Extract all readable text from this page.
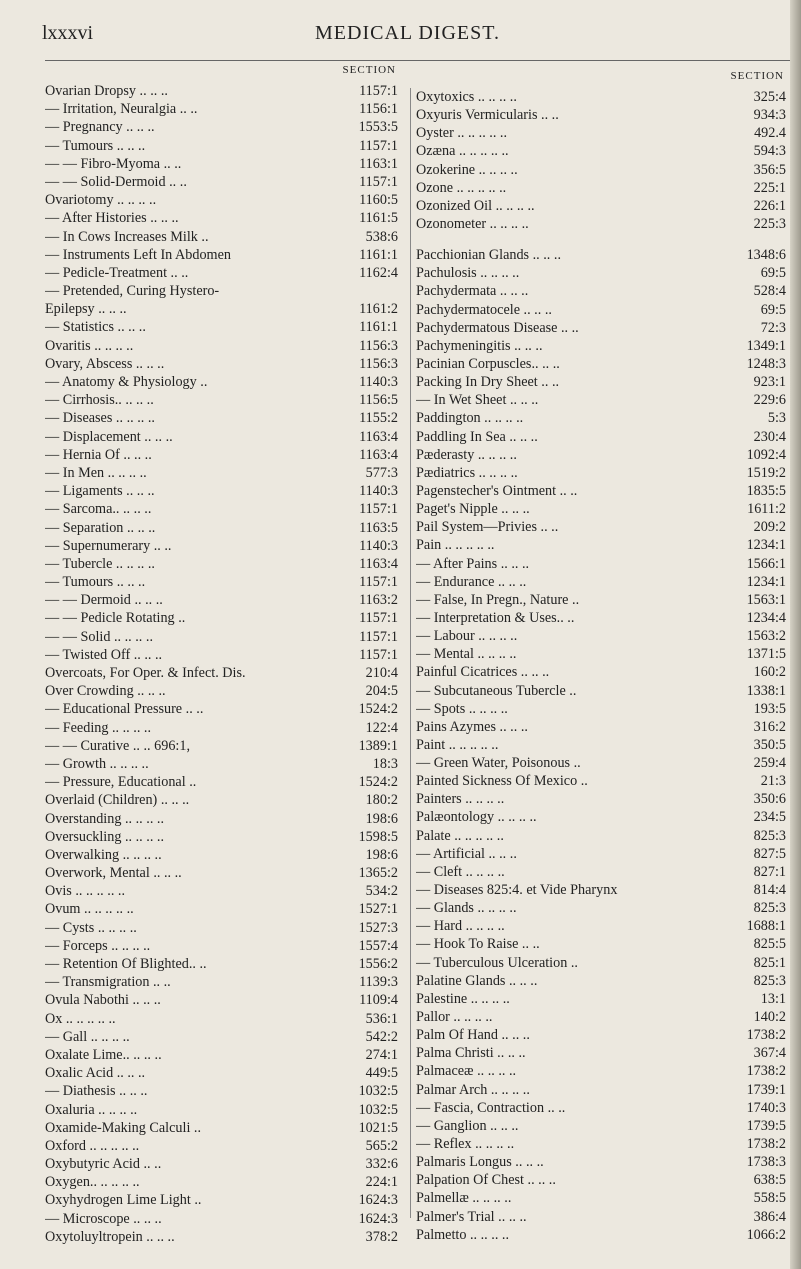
lxxxvi	MEDICAL DIGEST.
SECTION
Ovarian Dropsy .. .. ..	1157:1
— Irritation, Neuralgia .. ..	1156:1
— Pregnancy .. .. ..	1553:5
— Tumours .. .. ..	1157:1
— — Fibro-Myoma .. ..	1163:1
— — Solid-Dermoid .. ..	1157:1
Ovariotomy .. .. .. ..	1160:5
— After Histories .. .. ..	1161:5
— In Cows Increases Milk ..	538:6
— Instruments Left In Abdomen	1161:1
— Pedicle-Treatment .. ..	1162:4
— Pretended, Curing Hystero-
Epilepsy .. .. ..	1161:2
— Statistics .. .. ..	1161:1
Ovaritis .. .. .. ..	1156:3
Ovary, Abscess .. .. ..	1156:3
— Anatomy & Physiology ..	1140:3
— Cirrhosis.. .. .. ..	1156:5
— Diseases .. .. .. ..	1155:2
— Displacement .. .. ..	1163:4
— Hernia Of .. .. ..	1163:4
— In Men .. .. .. ..	577:3
— Ligaments .. .. ..	1140:3
— Sarcoma.. .. .. ..	1157:1
— Separation .. .. ..	1163:5
— Supernumerary .. ..	1140:3
— Tubercle .. .. .. ..	1163:4
— Tumours .. .. ..	1157:1
— — Dermoid .. .. ..	1163:2
— — Pedicle Rotating ..	1157:1
— — Solid .. .. .. ..	1157:1
— Twisted Off .. .. ..	1157:1
Overcoats, For Oper. & Infect. Dis.	210:4
Over Crowding .. .. ..	204:5
— Educational Pressure .. ..	1524:2
— Feeding .. .. .. ..	122:4
— — Curative .. .. 696:1,	1389:1
— Growth .. .. .. ..	18:3
— Pressure, Educational ..	1524:2
Overlaid (Children) .. .. ..	180:2
Overstanding .. .. .. ..	198:6
Oversuckling .. .. .. ..	1598:5
Overwalking .. .. .. ..	198:6
Overwork, Mental .. .. ..	1365:2
Ovis .. .. .. .. ..	534:2
Ovum .. .. .. .. ..	1527:1
— Cysts .. .. .. ..	1527:3
— Forceps .. .. .. ..	1557:4
— Retention Of Blighted.. ..	1556:2
— Transmigration .. ..	1139:3
Ovula Nabothi .. .. ..	1109:4
Ox .. .. .. .. ..	536:1
— Gall .. .. .. ..	542:2
Oxalate Lime.. .. .. ..	274:1
Oxalic Acid .. .. ..	449:5
— Diathesis .. .. ..	1032:5
Oxaluria .. .. .. ..	1032:5
Oxamide-Making Calculi ..	1021:5
Oxford .. .. .. .. ..	565:2
Oxybutyric Acid .. ..	332:6
Oxygen.. .. .. .. ..	224:1
Oxyhydrogen Lime Light ..	1624:3
— Microscope .. .. ..	1624:3
Oxytoluyltropein .. .. ..	378:2
SECTION
Oxytoxics .. .. .. ..	325:4
Oxyuris Vermicularis .. ..	934:3
Oyster .. .. .. .. ..	492.4
Ozæna .. .. .. .. ..	594:3
Ozokerine .. .. .. ..	356:5
Ozone .. .. .. .. ..	225:1
Ozonized Oil .. .. .. ..	226:1
Ozonometer .. .. .. ..	225:3
Pacchionian Glands .. .. ..	1348:6
Pachulosis .. .. .. ..	69:5
Pachydermata .. .. ..	528:4
Pachydermatocele .. .. ..	69:5
Pachydermatous Disease .. ..	72:3
Pachymeningitis .. .. ..	1349:1
Pacinian Corpuscles.. .. ..	1248:3
Packing In Dry Sheet .. ..	923:1
— In Wet Sheet .. .. ..	229:6
Paddington .. .. .. ..	5:3
Paddling In Sea .. .. ..	230:4
Pæderasty .. .. .. ..	1092:4
Pædiatrics .. .. .. ..	1519:2
Pagenstecher's Ointment .. ..	1835:5
Paget's Nipple .. .. ..	1611:2
Pail System—Privies .. ..	209:2
Pain .. .. .. .. ..	1234:1
— After Pains .. .. ..	1566:1
— Endurance .. .. ..	1234:1
— False, In Pregn., Nature ..	1563:1
— Interpretation & Uses.. ..	1234:4
— Labour .. .. .. ..	1563:2
— Mental .. .. .. ..	1371:5
Painful Cicatrices .. .. ..	160:2
— Subcutaneous Tubercle ..	1338:1
— Spots .. .. .. ..	193:5
Pains Azymes .. .. ..	316:2
Paint .. .. .. .. ..	350:5
— Green Water, Poisonous ..	259:4
Painted Sickness Of Mexico ..	21:3
Painters .. .. .. ..	350:6
Palæontology .. .. .. ..	234:5
Palate .. .. .. .. ..	825:3
— Artificial .. .. ..	827:5
— Cleft .. .. .. ..	827:1
— Diseases 825:4. et Vide Pharynx	814:4
— Glands .. .. .. ..	825:3
— Hard .. .. .. ..	1688:1
— Hook To Raise .. ..	825:5
— Tuberculous Ulceration ..	825:1
Palatine Glands .. .. ..	825:3
Palestine .. .. .. ..	13:1
Pallor .. .. .. ..	140:2
Palm Of Hand .. .. ..	1738:2
Palma Christi .. .. ..	367:4
Palmaceæ .. .. .. ..	1738:2
Palmar Arch .. .. .. ..	1739:1
— Fascia, Contraction .. ..	1740:3
— Ganglion .. .. ..	1739:5
— Reflex .. .. .. ..	1738:2
Palmaris Longus .. .. ..	1738:3
Palpation Of Chest .. .. ..	638:5
Palmellæ .. .. .. ..	558:5
Palmer's Trial .. .. ..	386:4
Palmetto .. .. .. ..	1066:2
